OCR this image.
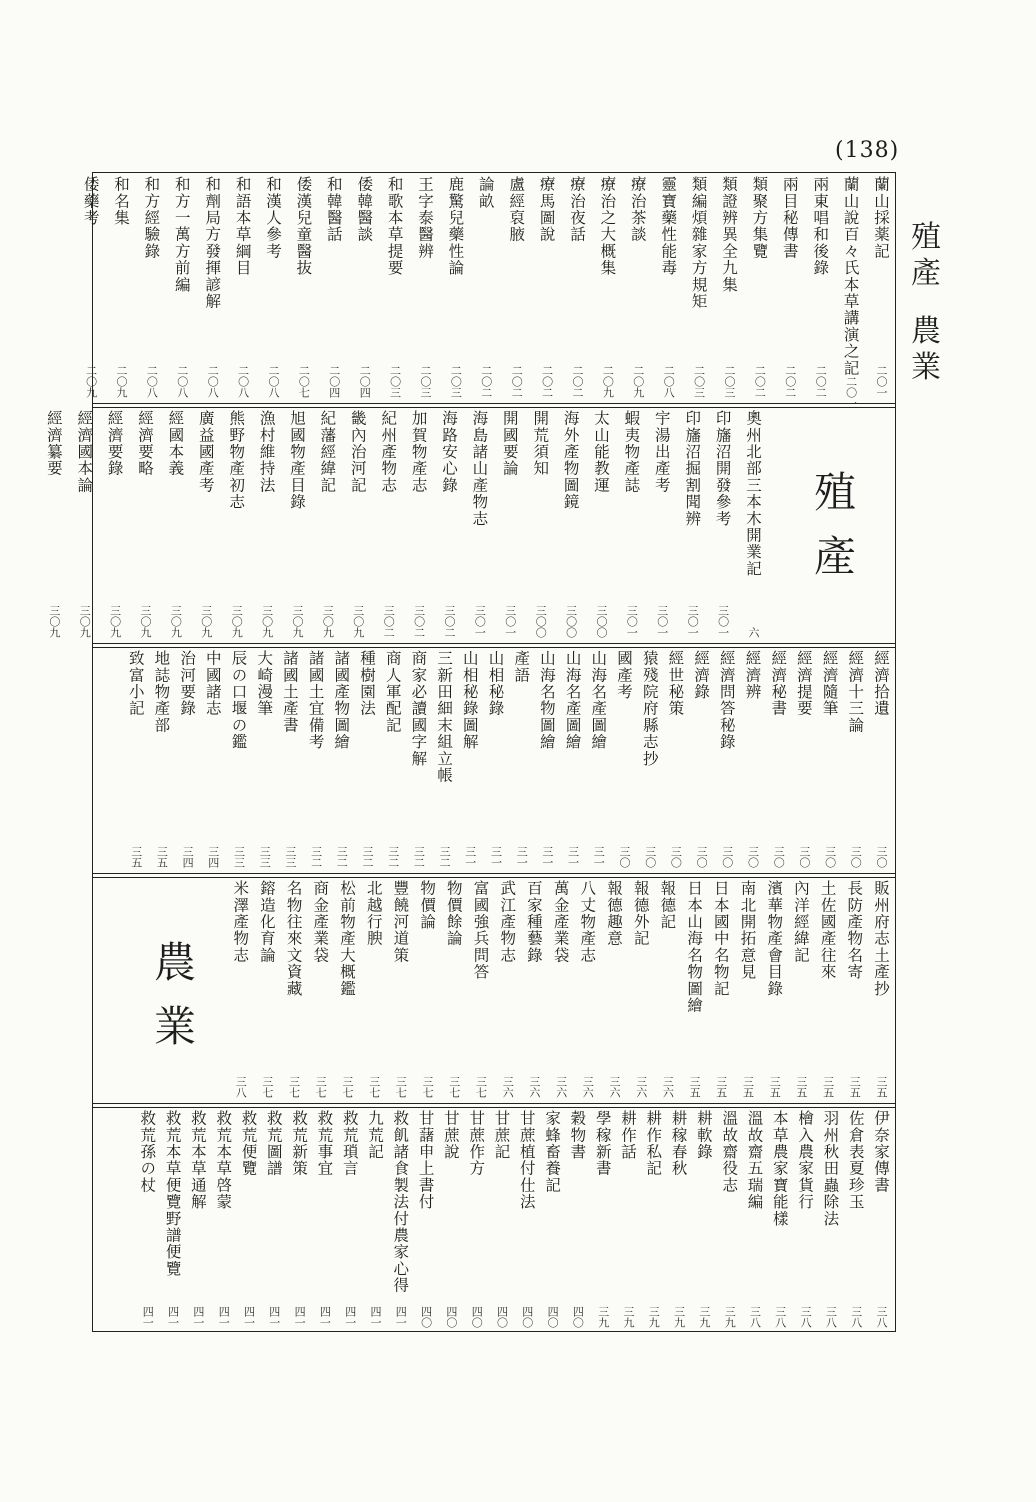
(138)
殖
產
農
業
蘭山採薬記
二〇一
蘭山說百々氏本草講演之記
二〇一
兩東唱和後錄
二〇二
兩目秘傳書
二〇二
類聚方集覽
二〇二
類證辨異全九集
二〇三
類編煩雜家方規矩
二〇三
靈寶藥性能毒
二〇八
療治茶談
二〇九
療治之大概集
二〇九
療治夜話
二〇二
療馬圖說
二〇二
盧經裒腋
二〇二
論畝
二〇二
鹿驚兒藥性論
二〇三
王字泰醫辨
二〇三
和歌本草提要
二〇三
倭韓醫談
二〇四
和韓醫話
二〇四
倭漢兒童醫抜
二〇七
和漢人參考
二〇八
和語本草綱目
二〇八
和劑局方發揮諺解
二〇八
和方一萬方前編
二〇八
和方經驗錄
二〇八
和名集
二〇九
倭藥考
二〇九
奧州北部三本木開業記
六
印旛沼開發參考
三〇一
印旛沼掘割聞辨
三〇一
宇湯出產考
三〇一
蝦夷物產誌
三〇一
太山能教運
三〇〇
海外產物圖鏡
三〇〇
開荒須知
三〇〇
開國要論
三〇一
海島諸山產物志
三〇一
海路安心錄
三〇二
加賀物產志
三〇二
紀州產物志
三〇二
畿內治河記
三〇九
紀藩經緯記
三〇九
旭國物產目錄
三〇九
漁村維持法
三〇九
熊野物產初志
三〇九
廣益國產考
三〇九
經國本義
三〇九
經濟要略
三〇九
經濟要錄
三〇九
經濟國本論
三〇九
經濟纂要
三〇九
經濟拾遺
三〇
經濟十三論
三〇
經濟隨筆
三〇
經濟提要
三〇
經濟秘書
三〇
經濟辨
三〇
經濟問答秘錄
三〇
經濟錄
三〇
經世秘策
三〇
猿殘院府縣志抄
三〇
國產考
三〇
山海名產圖繪
三一
山海名產圖繪
三一
山海名物圖繪
三一
產語
三一
山相秘錄
三一
山相秘錄圖解
三一
三新田細末組立帳
三二
商家必讀國字解
三二
商人軍配記
三二
種樹園法
三二
諸國產物圖繪
三二
諸國土宜備考
三二
諸國土產書
三三
大崎漫筆
三三
辰の口堰の鑑
三三
中國諸志
三四
治河要錄
三四
地誌物產部
三五
致富小記
三五
販州府志土產抄
三五
長防產物名寄
三五
土佐國產往來
三五
內洋經緯記
三五
濱華物產會目錄
三五
南北開拓意見
三五
日本國中名物記
三五
日本山海名物圖繪
三五
報德記
三六
報德外記
三六
報德趣意
三六
八丈物產志
三六
萬金產業袋
三六
百家種藝錄
三六
武江產物志
三六
富國強兵問答
三七
物價餘論
三七
物價論
三七
豐饒河道策
三七
北越行腴
三七
松前物產大概鑑
三七
商金產業袋
三七
名物往來文資藏
三七
鎔造化育論
三七
米澤產物志
三八
伊奈家傳書
三八
佐倉表夏珍玉
三八
羽州秋田蟲除法
三八
檜入農家貨行
三八
本草農家寶能樣
三八
溫故齋五瑞編
三八
溫故齋役志
三九
耕軟錄
三九
耕稼春秋
三九
耕作私記
三九
耕作話
三九
學稼新書
三九
穀物書
四〇
家蜂畜養記
四〇
甘蔗植付仕法
四〇
甘蔗記
四〇
甘蔗作方
四〇
甘蔗說
四〇
甘藷申上書付
四〇
救飢諸食製法付農家心得
四一
九荒記
四一
救荒瑣言
四一
救荒事宜
四一
救荒新策
四一
救荒圖譜
四一
救荒便覽
四一
救荒本草啓蒙
四一
救荒本草通解
四一
救荒本草便覽野譜便覽
四一
救荒孫の杖
四一
殖產
農業
